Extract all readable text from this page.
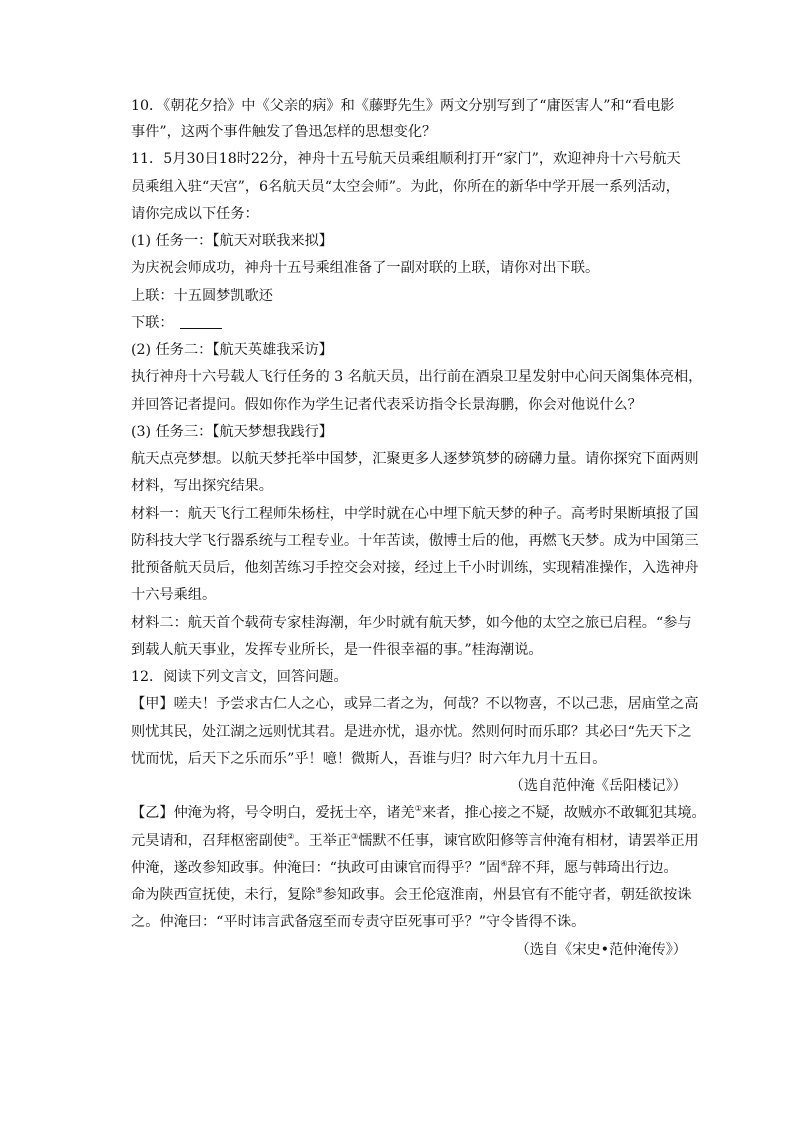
10．《朝花夕拾》中《父亲的病》和《藤野先生》两文分别写到了“庸医害人”和“看电影
事件”，这两个事件触发了鲁迅怎样的思想变化？
11．5月30日18时22分，神舟十五号航天员乘组顺利打开“家门”，欢迎神舟十六号航天
员乘组入驻“天宫”，6名航天员“太空会师”。为此，你所在的新华中学开展一系列活动，
请你完成以下任务：
(1) 任务一：【航天对联我来拟】
为庆祝会师成功，神舟十五号乘组准备了一副对联的上联，请你对出下联。
上联：十五圆梦凯歌还
下联：
(2) 任务二：【航天英雄我采访】
执行神舟十六号载人飞行任务的 3 名航天员，出行前在酒泉卫星发射中心问天阁集体亮相，
并回答记者提问。假如你作为学生记者代表采访指令长景海鹏，你会对他说什么？
(3) 任务三：【航天梦想我践行】
航天点亮梦想。以航天梦托举中国梦，汇聚更多人逐梦筑梦的磅礴力量。请你探究下面两则
材料，写出探究结果。
材料一：航天飞行工程师朱杨柱，中学时就在心中埋下航天梦的种子。高考时果断填报了国
防科技大学飞行器系统与工程专业。十年苦读，傲博士后的他，再燃飞天梦。成为中国第三
批预备航天员后，他刻苦练习手控交会对接，经过上千小时训练，实现精准操作，入选神舟
十六号乘组。
材料二：航天首个载荷专家桂海潮，年少时就有航天梦，如今他的太空之旅已启程。“参与
到载人航天事业，发挥专业所长，是一件很幸福的事。”桂海潮说。
12．阅读下列文言文，回答问题。
【甲】嗟夫！予尝求古仁人之心，或异二者之为，何哉？不以物喜，不以己悲，居庙堂之高
则忧其民，处江湖之远则忧其君。是进亦忧，退亦忧。然则何时而乐耶？其必曰“先天下之
忧而忧，后天下之乐而乐”乎！噫！微斯人，吾谁与归？时六年九月十五日。
（选自范仲淹《岳阳楼记》）
【乙】仲淹为将，号令明白，爱抚士卒，诸羌①来者，推心接之不疑，故贼亦不敢辄犯其境。
元昊请和，召拜枢密副使②。王举正③懦默不任事，谏官欧阳修等言仲淹有相材，请罢举正用
仲淹，遂改参知政事。仲淹曰：“执政可由谏官而得乎？”固④辞不拜，愿与韩琦出行边。
命为陕西宣抚使，未行，复除⑤参知政事。会王伦寇淮南，州县官有不能守者，朝廷欲按诛
之。仲淹曰：“平时讳言武备寇至而专责守臣死事可乎？”守令皆得不诛。
（选自《宋史•范仲淹传》）
